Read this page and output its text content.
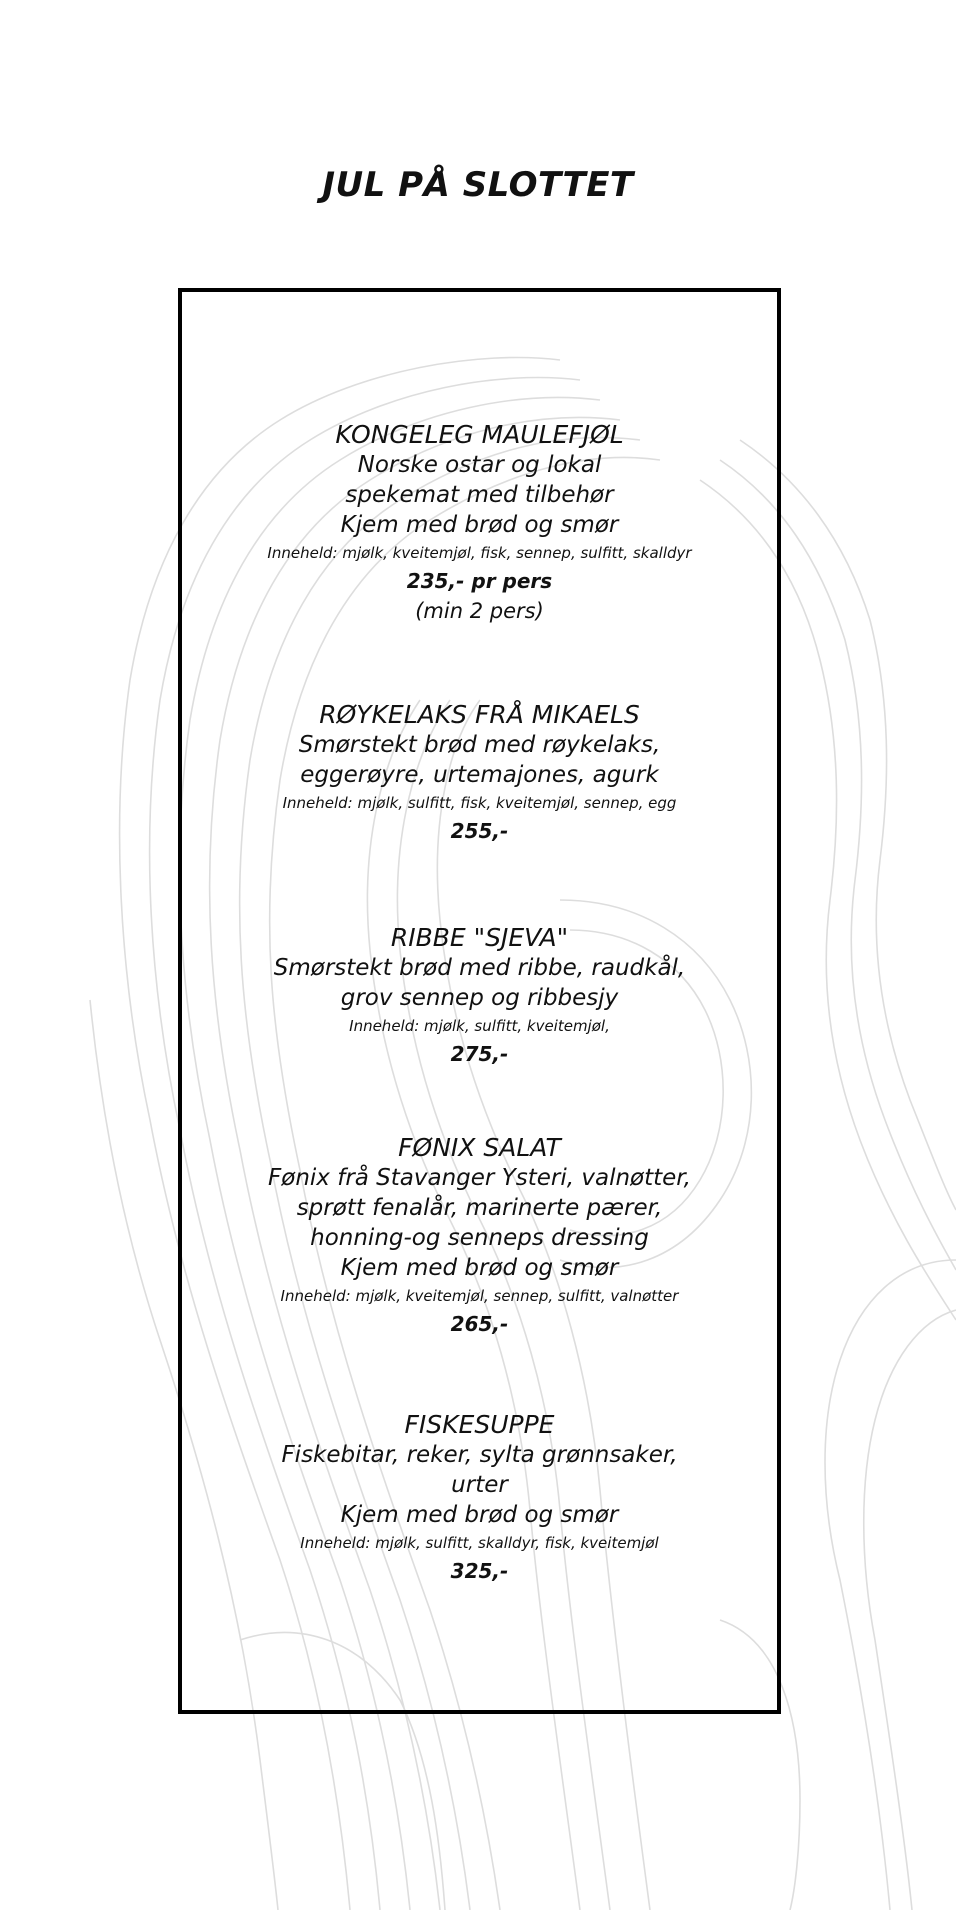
JUL PÅ SLOTTET

KONGELEG MAULEFJØL

Norske ostar og lokal

spekemat med tilbehør

Kjem med brød og smør

Inneheld: mjølk, kveitemjøl, fisk, sennep, sulfitt, skalldyr

235,- pr pers

(min 2 pers)

RØYKELAKS FRÅ MIKAELS

Smørstekt brød med røykelaks,

eggerøyre, urtemajones, agurk

Inneheld: mjølk, sulfitt, fisk, kveitemjøl, sennep, egg

255,-

RIBBE "SJEVA"

Smørstekt brød med ribbe, raudkål,

grov sennep og ribbesjy

Inneheld: mjølk, sulfitt, kveitemjøl,

275,-

FØNIX SALAT

Fønix frå Stavanger Ysteri, valnøtter,

sprøtt fenalår, marinerte pærer,

honning-og senneps dressing

Kjem med brød og smør

Inneheld: mjølk, kveitemjøl, sennep, sulfitt, valnøtter

265,-

FISKESUPPE

Fiskebitar, reker, sylta grønnsaker,

urter

Kjem med brød og smør

Inneheld: mjølk, sulfitt, skalldyr, fisk, kveitemjøl

325,-
